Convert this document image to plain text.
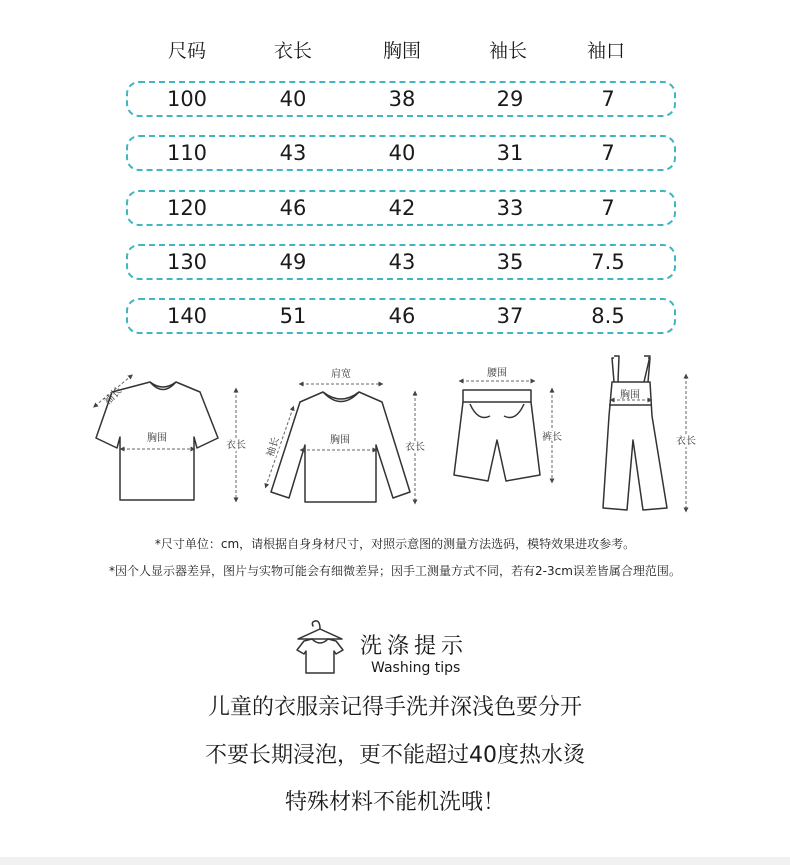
尺码	衣长	胸围	袖长	袖口
100	40	38	29	7
110	43	40	31	7
120	46	42	33	7
130	49	43	35	7.5
140	51	46	37	8.5
袖长
胸围
衣长
肩宽
胸围
袖长	衣长
腰围
裤长
胸围
衣长
*尺寸单位：cm，请根据自身身材尺寸，对照示意图的测量方法选码，模特效果进攻参考。
*因个人显示器差异，图片与实物可能会有细微差异；因手工测量方式不同，若有2-3cm误差皆属合理范围。
洗涤提示
Washing tips
儿童的衣服亲记得手洗并深浅色要分开
不要长期浸泡，更不能超过40度热水烫
特殊材料不能机洗哦！
